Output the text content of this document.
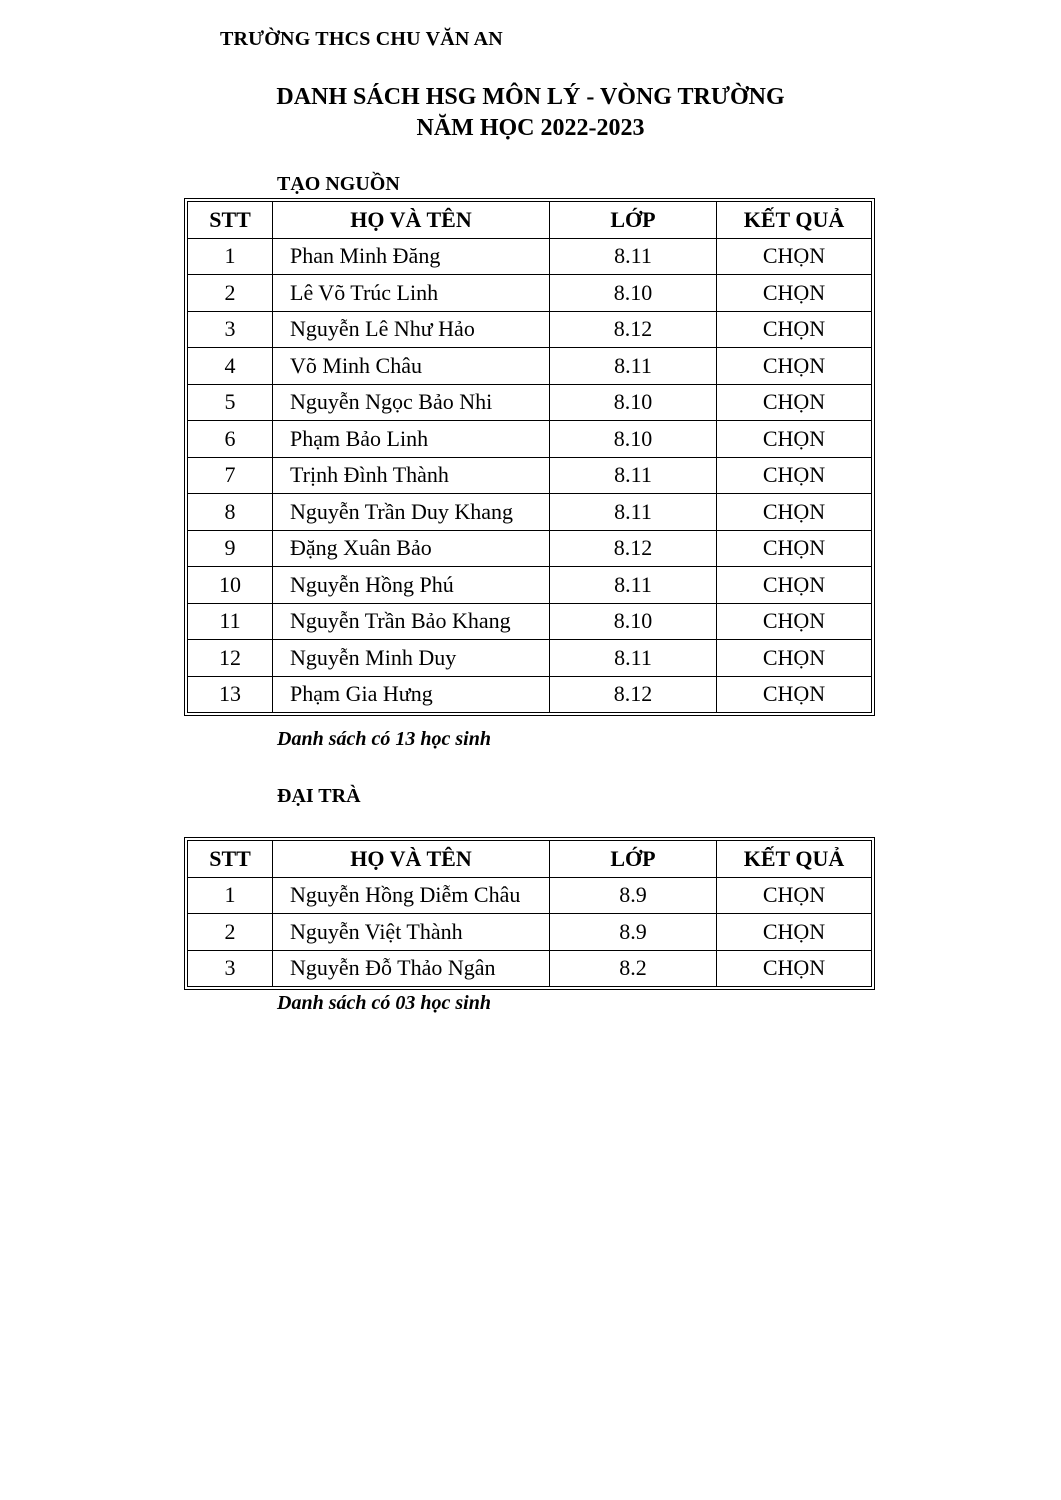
TRƯỜNG THCS CHU VĂN AN
DANH SÁCH HSG MÔN LÝ - VÒNG TRƯỜNG
NĂM HỌC 2022-2023
TẠO NGUỒN
STT	HỌ VÀ TÊN	LỚP	KẾT QUẢ
1	Phan Minh Đăng	8.11	CHỌN
2	Lê Võ Trúc Linh	8.10	CHỌN
3	Nguyễn Lê Như Hảo	8.12	CHỌN
4	Võ Minh Châu	8.11	CHỌN
5	Nguyễn Ngọc Bảo Nhi	8.10	CHỌN
6	Phạm Bảo Linh	8.10	CHỌN
7	Trịnh Đình Thành	8.11	CHỌN
8	Nguyễn Trần Duy Khang	8.11	CHỌN
9	Đặng Xuân Bảo	8.12	CHỌN
10	Nguyễn Hồng Phú	8.11	CHỌN
11	Nguyễn Trần Bảo Khang	8.10	CHỌN
12	Nguyễn Minh Duy	8.11	CHỌN
13	Phạm Gia Hưng	8.12	CHỌN
Danh sách có 13 học sinh
ĐẠI TRÀ
STT	HỌ VÀ TÊN	LỚP	KẾT QUẢ
1	Nguyễn Hồng Diễm Châu	8.9	CHỌN
2	Nguyễn Việt Thành	8.9	CHỌN
3	Nguyễn Đỗ Thảo Ngân	8.2	CHỌN
Danh sách có 03 học sinh
